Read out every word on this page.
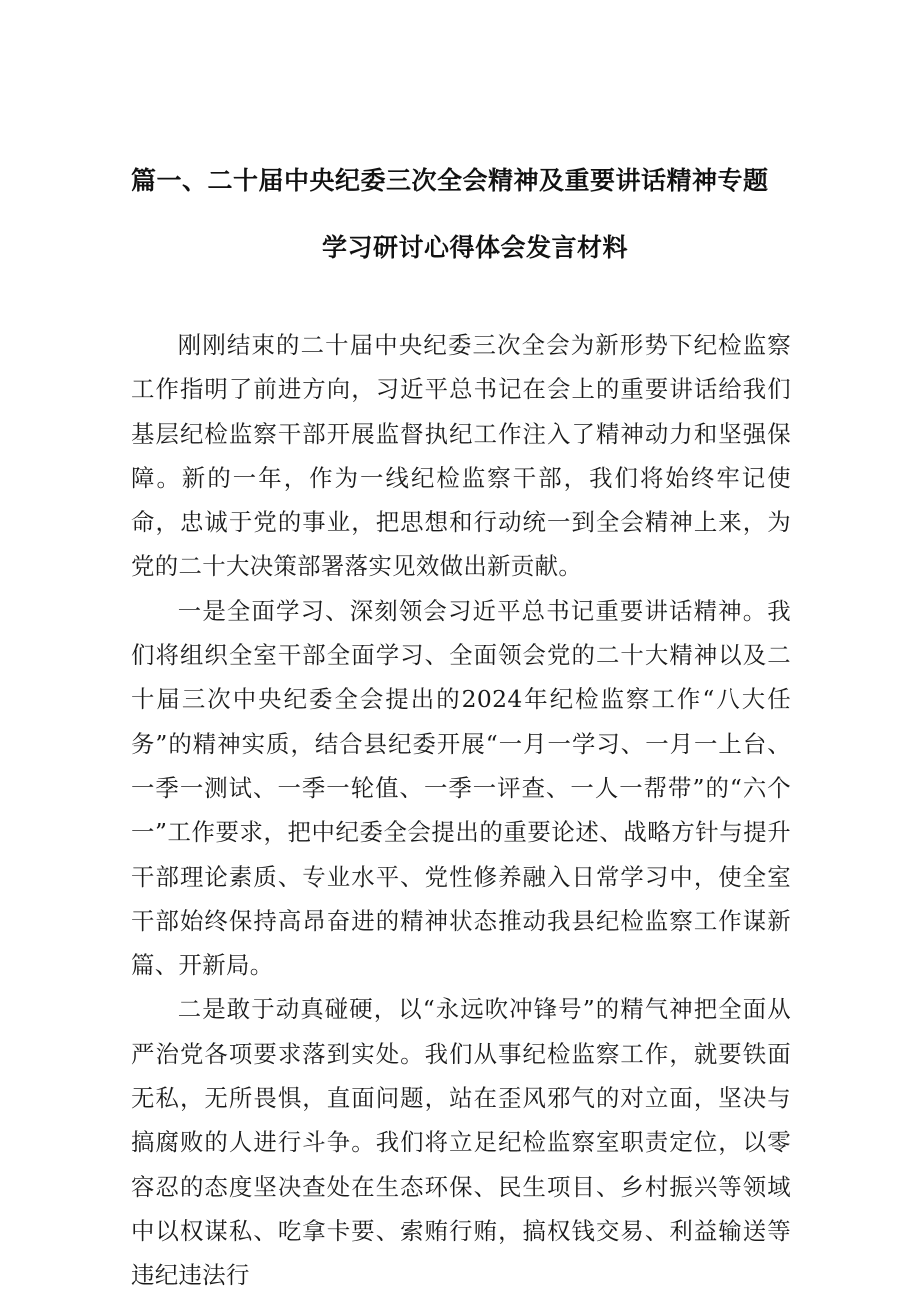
篇一、二十届中央纪委三次全会精神及重要讲话精神专题
学习研讨心得体会发言材料

刚刚结束的二十届中央纪委三次全会为新形势下纪检监察工作指明了前进方向，习近平总书记在会上的重要讲话给我们基层纪检监察干部开展监督执纪工作注入了精神动力和坚强保障。新的一年，作为一线纪检监察干部，我们将始终牢记使命，忠诚于党的事业，把思想和行动统一到全会精神上来，为党的二十大决策部署落实见效做出新贡献。

一是全面学习、深刻领会习近平总书记重要讲话精神。我们将组织全室干部全面学习、全面领会党的二十大精神以及二十届三次中央纪委全会提出的2024年纪检监察工作“八大任务”的精神实质，结合县纪委开展“一月一学习、一月一上台、一季一测试、一季一轮值、一季一评查、一人一帮带”的“六个一”工作要求，把中纪委全会提出的重要论述、战略方针与提升干部理论素质、专业水平、党性修养融入日常学习中，使全室干部始终保持高昂奋进的精神状态推动我县纪检监察工作谋新篇、开新局。

二是敢于动真碰硬，以“永远吹冲锋号”的精气神把全面从严治党各项要求落到实处。我们从事纪检监察工作，就要铁面无私，无所畏惧，直面问题，站在歪风邪气的对立面，坚决与搞腐败的人进行斗争。我们将立足纪检监察室职责定位，以零容忍的态度坚决查处在生态环保、民生项目、乡村振兴等领域中以权谋私、吃拿卡要、索贿行贿，搞权钱交易、利益输送等违纪违法行
